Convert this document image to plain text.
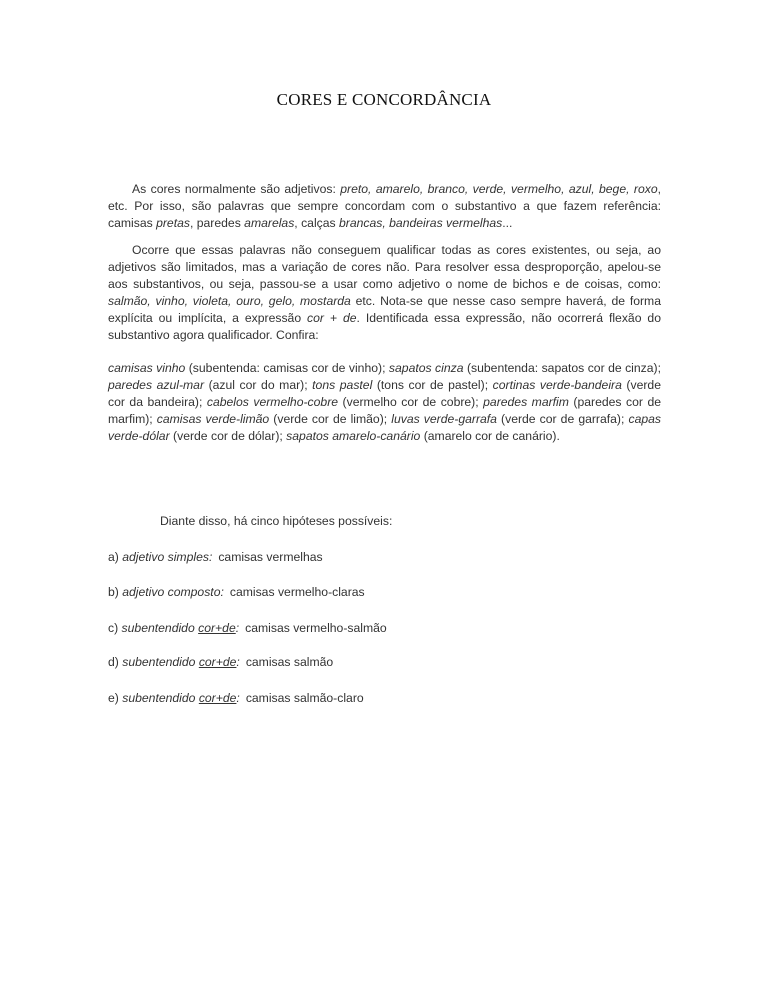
CORES E CONCORDÂNCIA
As cores normalmente são adjetivos: preto, amarelo, branco, verde, vermelho, azul, bege, roxo, etc. Por isso, são palavras que sempre concordam com o substantivo a que fazem referência: camisas pretas, paredes amarelas, calças brancas, bandeiras vermelhas...
Ocorre que essas palavras não conseguem qualificar todas as cores existentes, ou seja, ao adjetivos são limitados, mas a variação de cores não. Para resolver essa desproporção, apelou-se aos substantivos, ou seja, passou-se a usar como adjetivo o nome de bichos e de coisas, como: salmão, vinho, violeta, ouro, gelo, mostarda etc. Nota-se que nesse caso sempre haverá, de forma explícita ou implícita, a expressão cor + de. Identificada essa expressão, não ocorrerá flexão do substantivo agora qualificador. Confira:
camisas vinho (subentenda: camisas cor de vinho); sapatos cinza (subentenda: sapatos cor de cinza); paredes azul-mar (azul cor do mar); tons pastel (tons cor de pastel); cortinas verde-bandeira (verde cor da bandeira); cabelos vermelho-cobre (vermelho cor de cobre); paredes marfim (paredes cor de marfim); camisas verde-limão (verde cor de limão); luvas verde-garrafa (verde cor de garrafa); capas verde-dólar (verde cor de dólar); sapatos amarelo-canário (amarelo cor de canário).
Diante disso, há cinco hipóteses possíveis:
a) adjetivo simples: camisas vermelhas
b) adjetivo composto: camisas vermelho-claras
c) subentendido cor+de: camisas vermelho-salmão
d) subentendido cor+de: camisas salmão
e) subentendido cor+de: camisas salmão-claro
